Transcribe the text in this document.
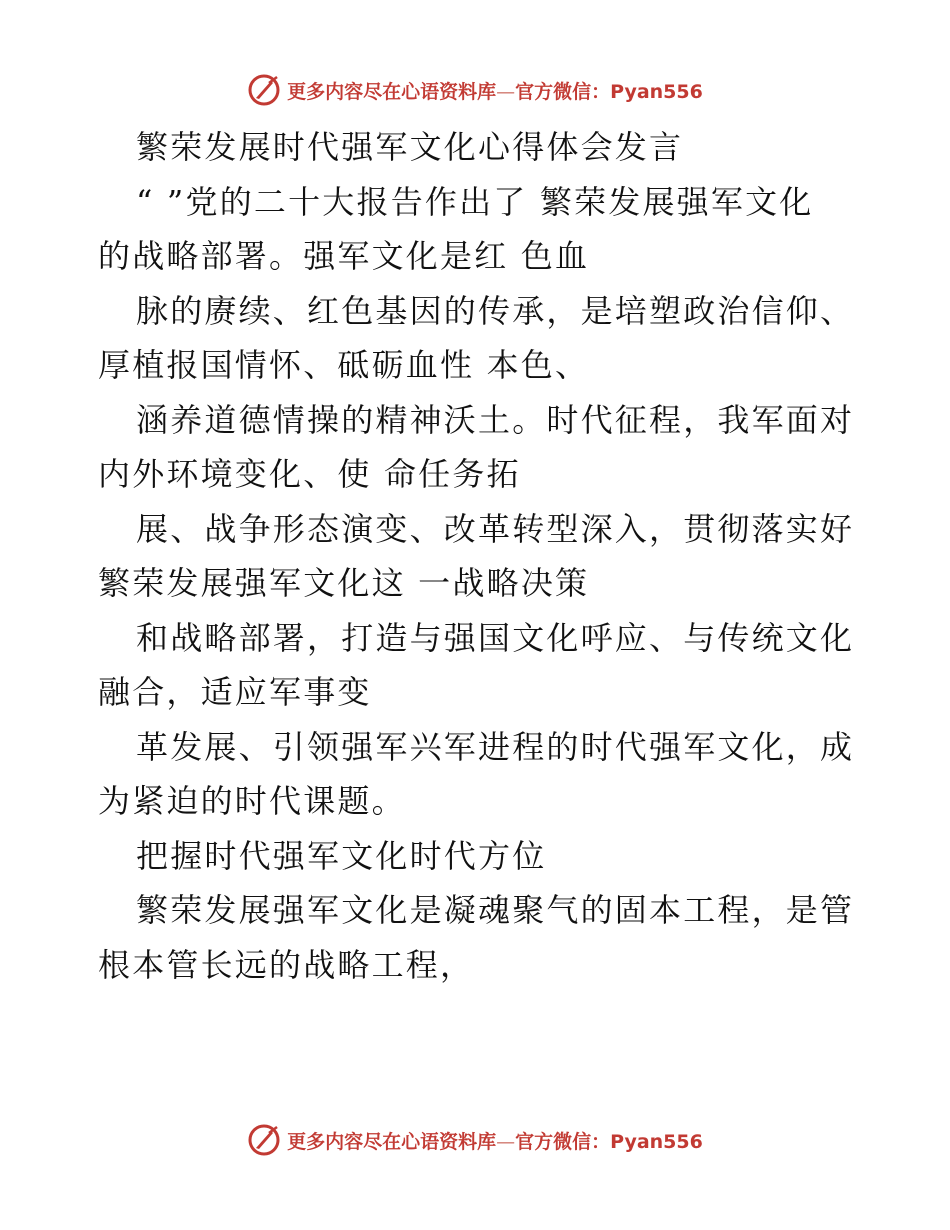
更多内容尽在心语资料库—官方微信：Pyan556
繁荣发展时代强军文化心得体会发言
“ ”党的二十大报告作出了 繁荣发展强军文化
的战略部署。强军文化是红 色血
脉的赓续、红色基因的传承，是培塑政治信仰、
厚植报国情怀、砥砺血性 本色、
涵养道德情操的精神沃土。时代征程，我军面对
内外环境变化、使 命任务拓
展、战争形态演变、改革转型深入，贯彻落实好
繁荣发展强军文化这 一战略决策
和战略部署，打造与强国文化呼应、与传统文化
融合，适应军事变
革发展、引领强军兴军进程的时代强军文化，成
为紧迫的时代课题。
把握时代强军文化时代方位
繁荣发展强军文化是凝魂聚气的固本工程，是管
根本管长远的战略工程，
更多内容尽在心语资料库—官方微信：Pyan556
